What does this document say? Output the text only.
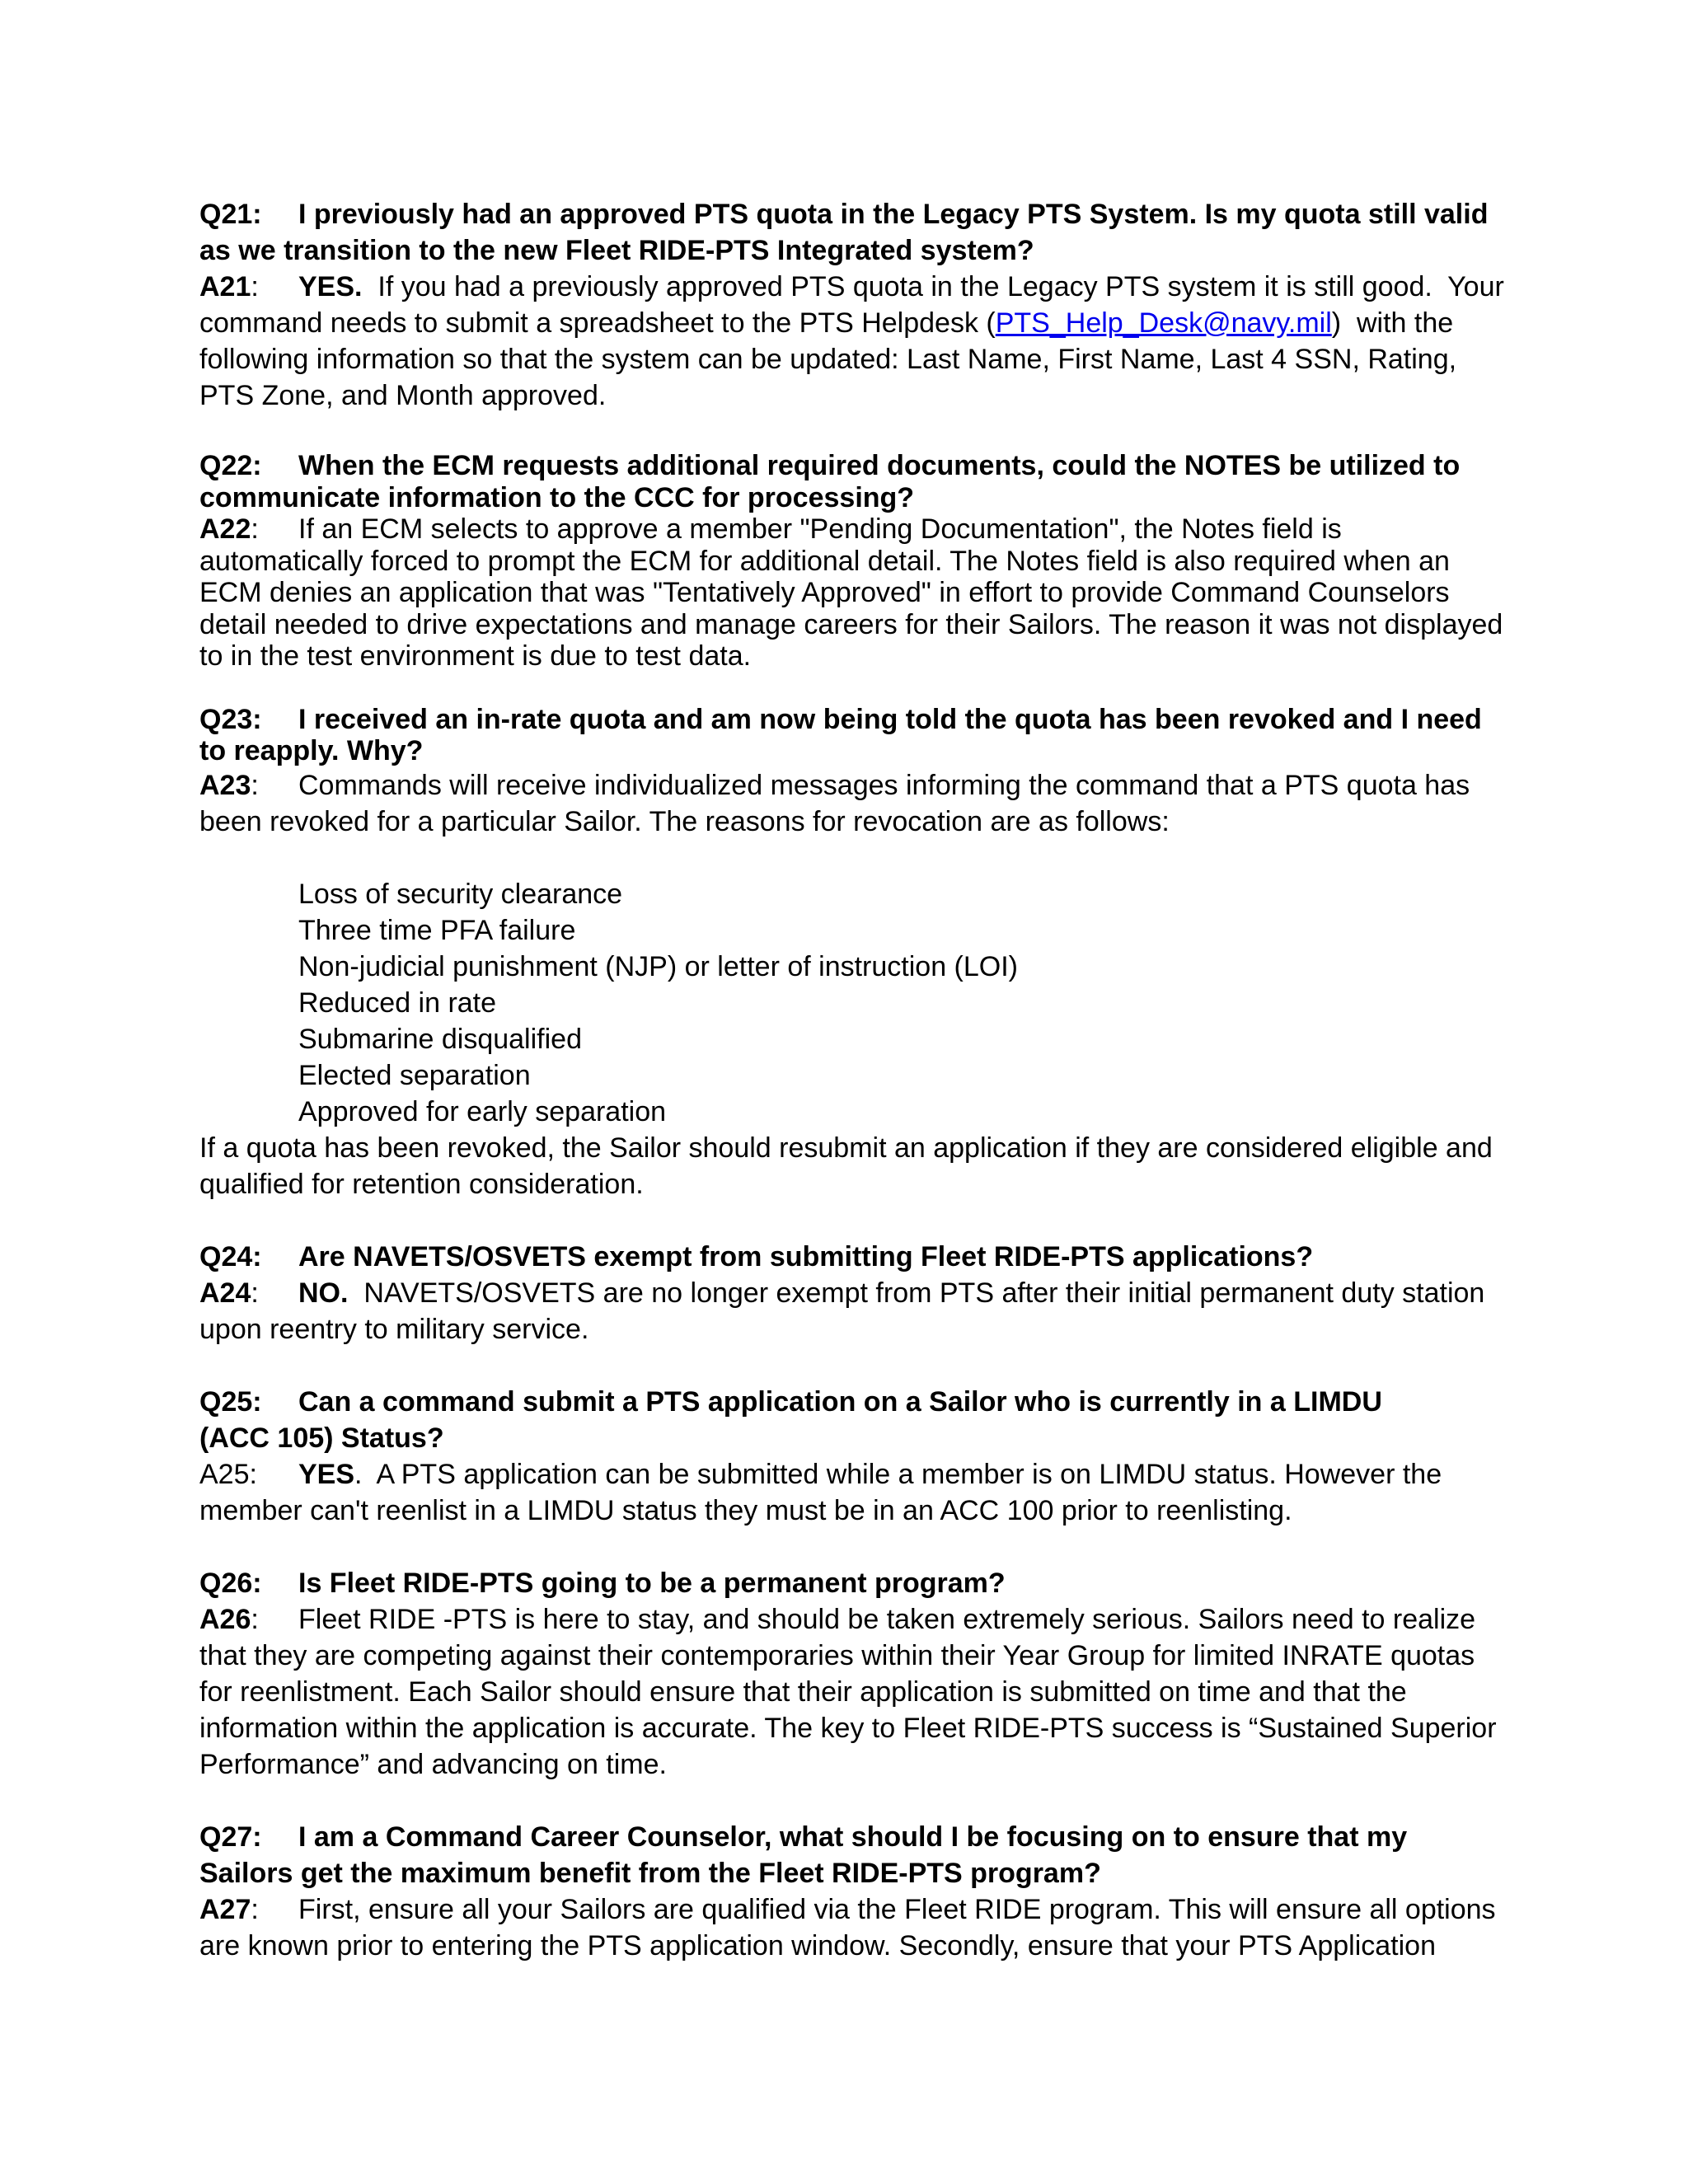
Q21: I previously had an approved PTS quota in the Legacy PTS System. Is my quota still valid

as we transition to the new Fleet RIDE-PTS Integrated system?

A21: YES.  If you had a previously approved PTS quota in the Legacy PTS system it is still good.  Your

command needs to submit a spreadsheet to the PTS Helpdesk (PTS_Help_Desk@navy.mil)  with the

following information so that the system can be updated: Last Name, First Name, Last 4 SSN, Rating,

PTS Zone, and Month approved.

Q22: When the ECM requests additional required documents, could the NOTES be utilized to

communicate information to the CCC for processing?

A22: If an ECM selects to approve a member "Pending Documentation", the Notes field is

automatically forced to prompt the ECM for additional detail. The Notes field is also required when an

ECM denies an application that was "Tentatively Approved" in effort to provide Command Counselors

detail needed to drive expectations and manage careers for their Sailors. The reason it was not displayed

to in the test environment is due to test data.

Q23: I received an in-rate quota and am now being told the quota has been revoked and I need

to reapply. Why?

A23: Commands will receive individualized messages informing the command that a PTS quota has

been revoked for a particular Sailor. The reasons for revocation are as follows:

Loss of security clearance
Three time PFA failure
Non-judicial punishment (NJP) or letter of instruction (LOI)
Reduced in rate
Submarine disqualified
Elected separation
Approved for early separation

If a quota has been revoked, the Sailor should resubmit an application if they are considered eligible and

qualified for retention consideration.

Q24: Are NAVETS/OSVETS exempt from submitting Fleet RIDE-PTS applications?

A24: NO.  NAVETS/OSVETS are no longer exempt from PTS after their initial permanent duty station

upon reentry to military service.

Q25: Can a command submit a PTS application on a Sailor who is currently in a LIMDU

(ACC 105) Status?

A25: YES.  A PTS application can be submitted while a member is on LIMDU status. However the

member can't reenlist in a LIMDU status they must be in an ACC 100 prior to reenlisting.

Q26: Is Fleet RIDE-PTS going to be a permanent program?

A26: Fleet RIDE -PTS is here to stay, and should be taken extremely serious. Sailors need to realize

that they are competing against their contemporaries within their Year Group for limited INRATE quotas

for reenlistment. Each Sailor should ensure that their application is submitted on time and that the

information within the application is accurate. The key to Fleet RIDE-PTS success is “Sustained Superior

Performance” and advancing on time.

Q27: I am a Command Career Counselor, what should I be focusing on to ensure that my

Sailors get the maximum benefit from the Fleet RIDE-PTS program?

A27: First, ensure all your Sailors are qualified via the Fleet RIDE program. This will ensure all options

are known prior to entering the PTS application window. Secondly, ensure that your PTS Application
